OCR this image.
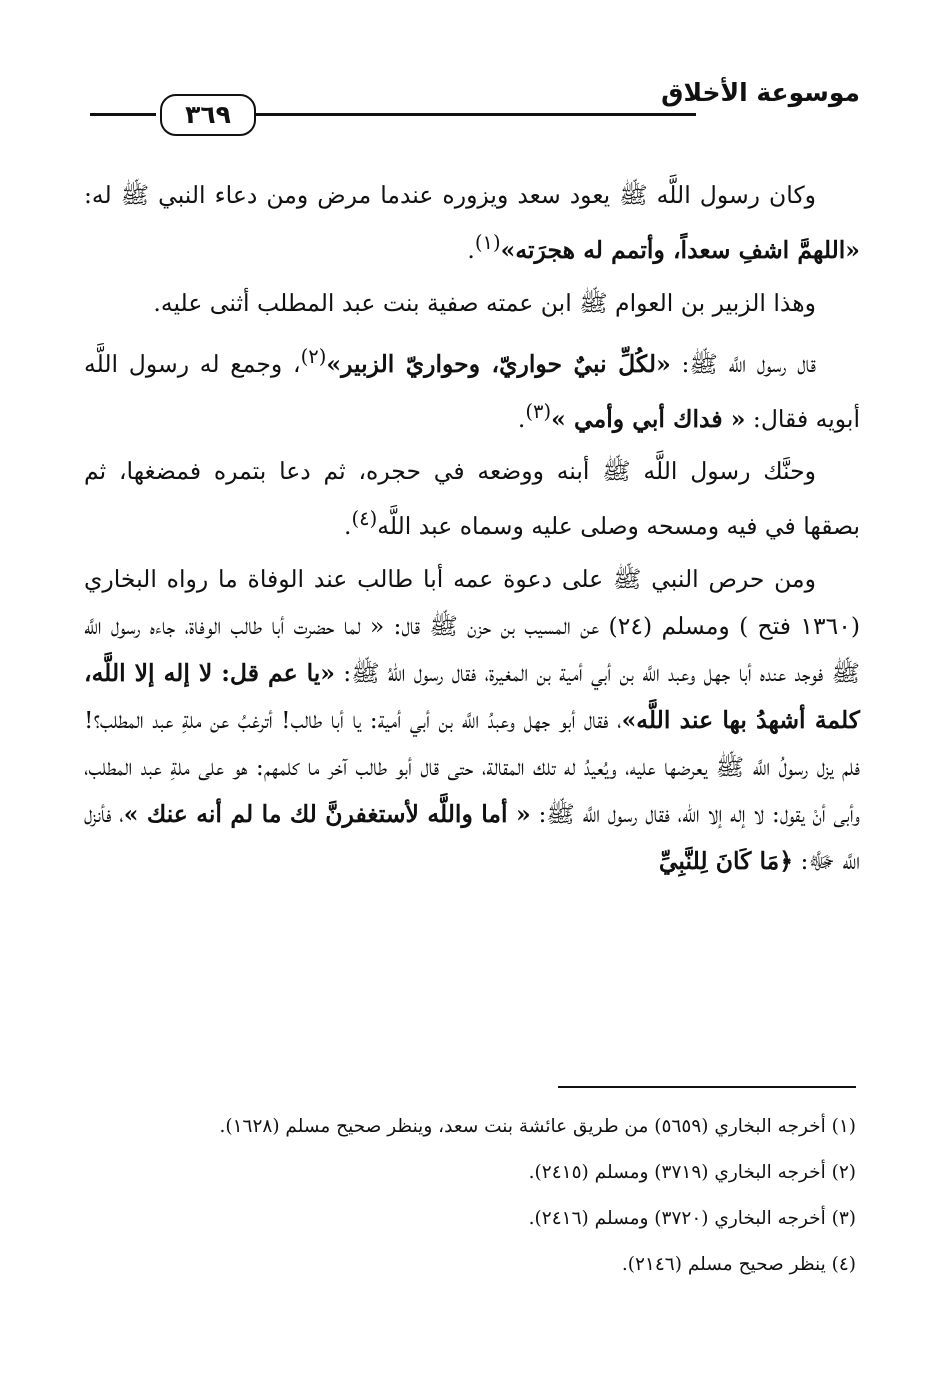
موسوعة الأخلاق
٣٦٩

وكان رسول اللَّه ﷺ يعود سعد ويزوره عندما مرض ومن دعاء النبي ﷺ له: «اللهمَّ اشفِ سعداً، وأتمم له هجرَته»$^{(١)}$.

وهذا الزبير بن العوام ﷺ ابن عمته صفية بنت عبد المطلب أثنى عليه.

قال رسول اللَّه ﷺ: «لكُلِّ نبيٌ حواريّ، وحواريّ الزبير»$^{(٢)}$، وجمع له رسول اللَّه أبويه فقال: « فداك أبي وأمي »$^{(٣)}$.

وحنَّك رسول اللَّه ﷺ أبنه ووضعه في حجره، ثم دعا بتمره فمضغها، ثم بصقها في فيه ومسحه وصلى عليه وسماه عبد اللَّه$^{(٤)}$.

ومن حرص النبي ﷺ على دعوة عمه أبا طالب عند الوفاة ما رواه البخاري (١٣٦٠ فتح ) ومسلم (٢٤) عن المسيب بن حزن ﷺ قال: « لما حضرت أبا طالب الوفاة، جاءه رسول اللَّه ﷺ فوجد عنده أبا جهل وعبد اللَّه بن أبي أمية بن المغيرة، فقال رسول اللهُ ﷺ: «يا عم قل: لا إله إلا اللَّه، كلمة أشهدُ بها عند اللَّه»، فقال أبو جهل وعبدُ اللَّه بن أبي أمية: يا أبا طالب! أترغبُ عن ملةِ عبد المطلب؟! فلم يزل رسولُ اللَّه ﷺ يعرضها عليه، ويُعيدُ له تلك المقالة، حتى قال أبو طالب آخر ما كلمهم: هو على ملةِ عبد المطلب، وأبى أنْ يقول: لا إله إلا الله، فقال رسول اللَّه ﷺ: « أما واللَّه لأستغفرنَّ لك ما لم أنه عنك »، فأنزل اللَّه ﷻ: ﴿مَا كَانَ لِلنَّبِيِّ

(١) أخرجه البخاري (٥٦٥٩) من طريق عائشة بنت سعد، وينظر صحيح مسلم (١٦٢٨).
(٢) أخرجه البخاري (٣٧١٩) ومسلم (٢٤١٥).
(٣) أخرجه البخاري (٣٧٢٠) ومسلم (٢٤١٦).
(٤) ينظر صحيح مسلم (٢١٤٦).
